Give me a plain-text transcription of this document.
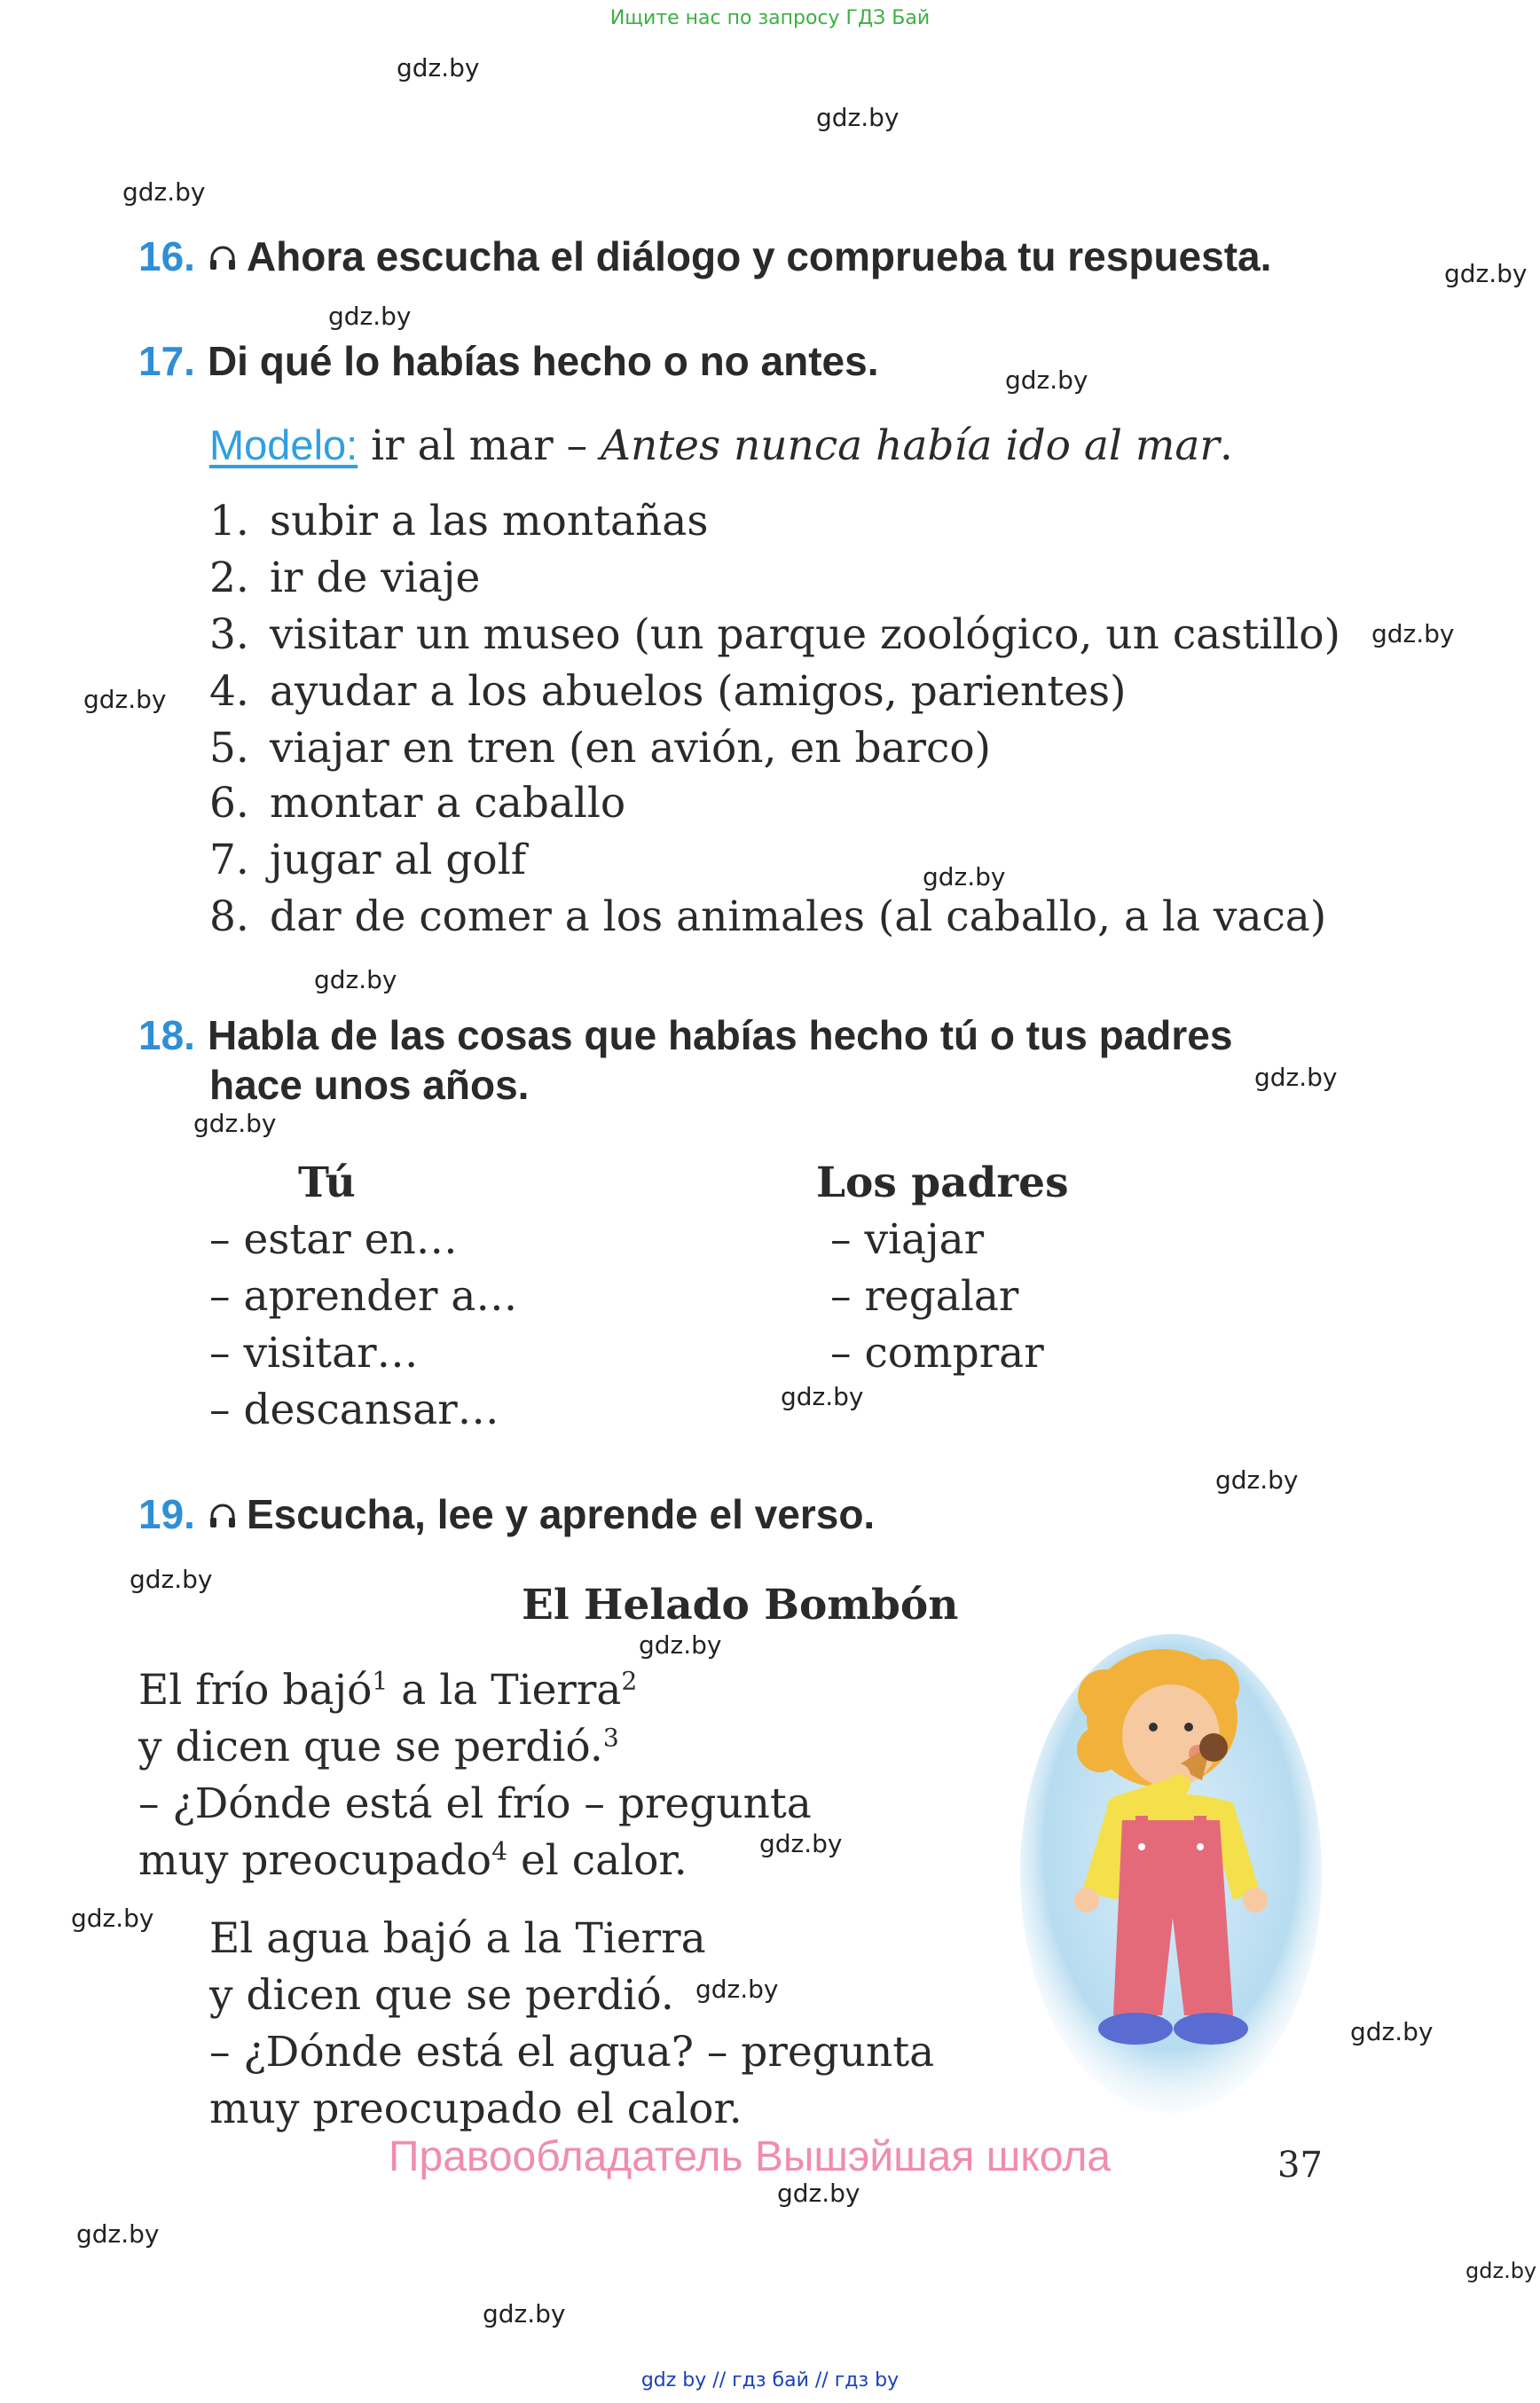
Ищите нас по запросу ГДЗ Бай
gdz.by
gdz.by
gdz.by
gdz.by
gdz.by
gdz.by
gdz.by
gdz.by
gdz.by
gdz.by
gdz.by
gdz.by
gdz.by
gdz.by
gdz.by
gdz.by
gdz.by
gdz.by
gdz.by
gdz.by
gdz.by
gdz.by
gdz.by
gdz.by
16. Ahora escucha el diálogo y comprueba tu respuesta.
17. Di qué lo habías hecho o no antes.
Modelo: ir al mar – Antes nunca había ido al mar.
1. subir a las montañas
2. ir de viaje
3. visitar un museo (un parque zoológico, un castillo)
4. ayudar a los abuelos (amigos, parientes)
5. viajar en tren (en avión, en barco)
6. montar a caballo
7. jugar al golf
8. dar de comer a los animales (al caballo, a la vaca)
18. Habla de las cosas que habías hecho tú o tus padres
hace unos años.
Tú
– estar en…
– aprender a…
– visitar…
– descansar…
Los padres
– viajar
– regalar
– comprar
19. Escucha, lee y aprende el verso.
El Helado Bombón
El frío bajó$^1$ a la Tierra$^2$
y dicen que se perdió.$^3$
– ¿Dónde está el frío – pregunta
muy preocupado$^4$ el calor.
El agua bajó a la Tierra
y dicen que se perdió.
– ¿Dónde está el agua? – pregunta
muy preocupado el calor.
Правообладатель Вышэйшая школа	37
gdz by // гдз бай // гдз by
